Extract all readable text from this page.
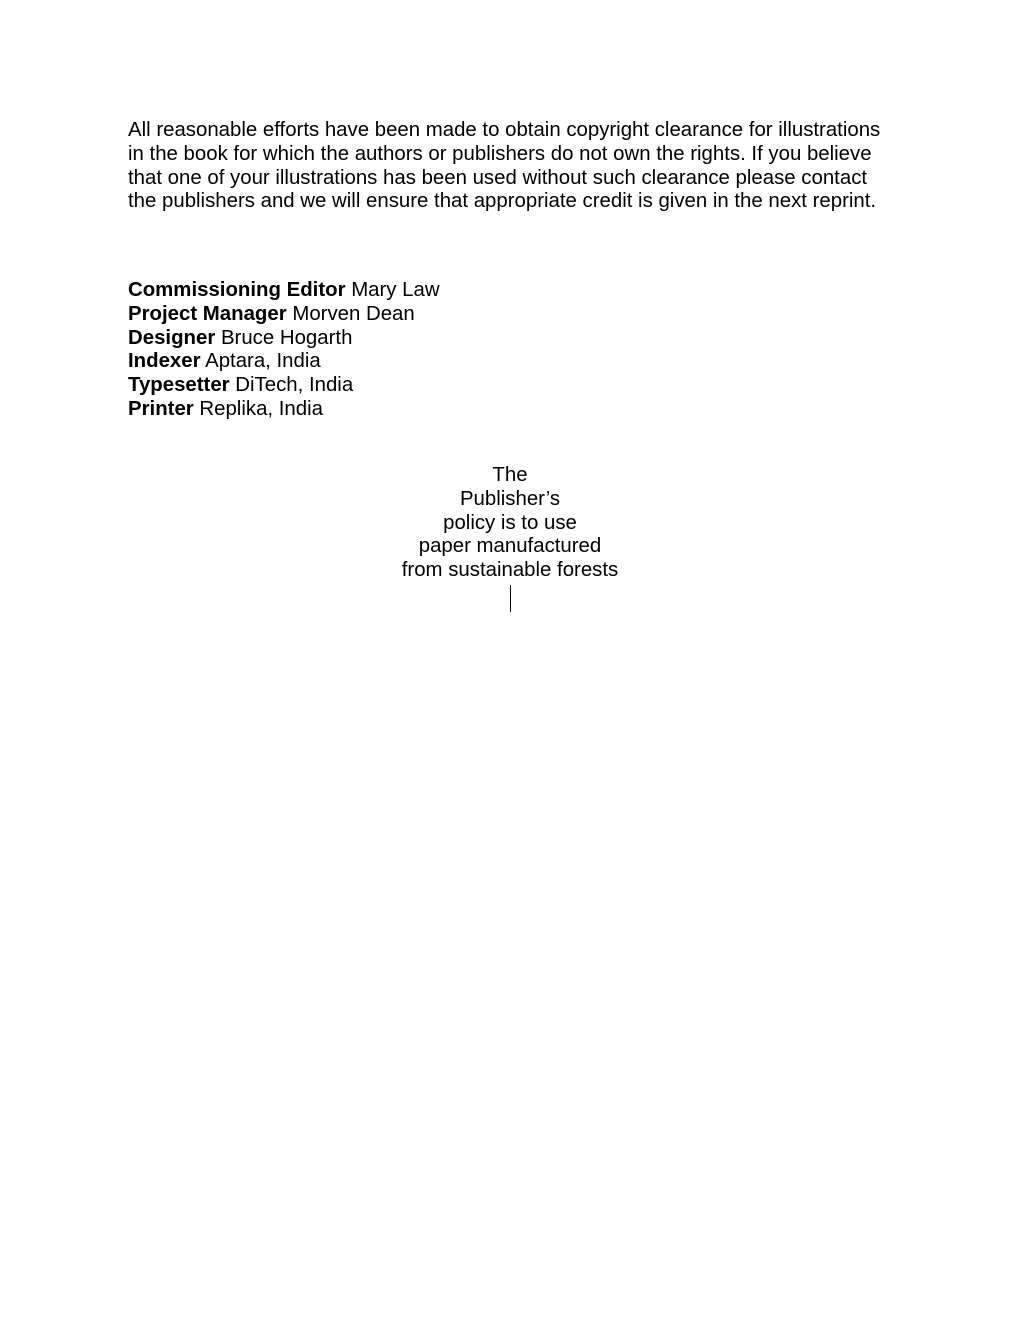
All reasonable efforts have been made to obtain copyright clearance for illustrations in the book for which the authors or publishers do not own the rights. If you believe that one of your illustrations has been used without such clearance please contact the publishers and we will ensure that appropriate credit is given in the next reprint.

Commissioning Editor Mary Law
Project Manager Morven Dean
Designer Bruce Hogarth
Indexer Aptara, India
Typesetter DiTech, India
Printer Replika, India
The
Publisher’s
policy is to use
paper manufactured
from sustainable forests
